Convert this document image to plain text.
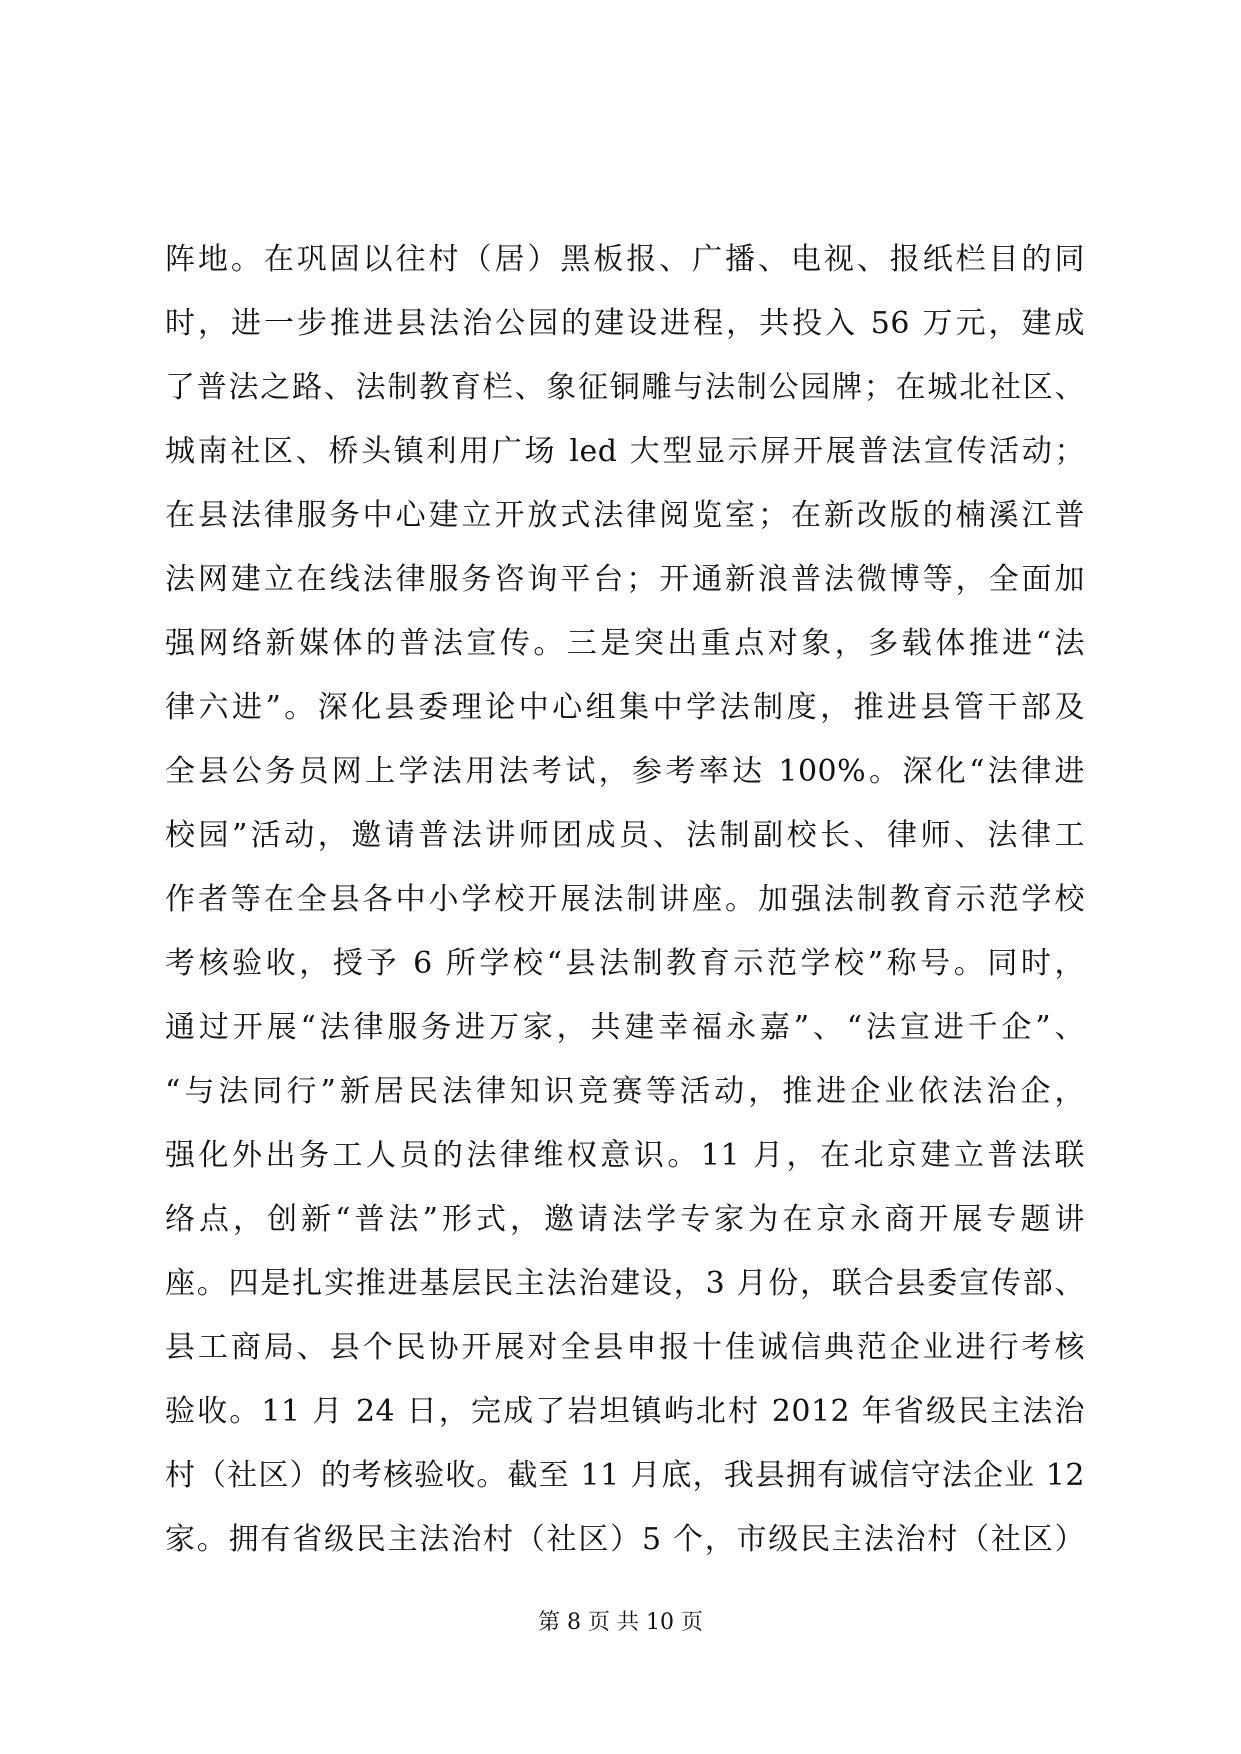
阵地。在巩固以往村（居）黑板报、广播、电视、报纸栏目的同
时，进一步推进县法治公园的建设进程，共投入 56 万元，建成
了普法之路、法制教育栏、象征铜雕与法制公园牌；在城北社区、
城南社区、桥头镇利用广场 led 大型显示屏开展普法宣传活动；
在县法律服务中心建立开放式法律阅览室；在新改版的楠溪江普
法网建立在线法律服务咨询平台；开通新浪普法微博等，全面加
强网络新媒体的普法宣传。三是突出重点对象，多载体推进“法
律六进”。深化县委理论中心组集中学法制度，推进县管干部及
全县公务员网上学法用法考试，参考率达 100%。深化“法律进
校园”活动，邀请普法讲师团成员、法制副校长、律师、法律工
作者等在全县各中小学校开展法制讲座。加强法制教育示范学校
考核验收，授予 6 所学校“县法制教育示范学校”称号。同时，
通过开展“法律服务进万家，共建幸福永嘉”、“法宣进千企”、
“与法同行”新居民法律知识竞赛等活动，推进企业依法治企，
强化外出务工人员的法律维权意识。11 月，在北京建立普法联
络点，创新“普法”形式，邀请法学专家为在京永商开展专题讲
座。四是扎实推进基层民主法治建设，3 月份，联合县委宣传部、
县工商局、县个民协开展对全县申报十佳诚信典范企业进行考核
验收。11 月 24 日，完成了岩坦镇屿北村 2012 年省级民主法治
村（社区）的考核验收。截至 11 月底，我县拥有诚信守法企业 12
家。拥有省级民主法治村（社区）5 个，市级民主法治村（社区）
第 8 页 共 10 页
